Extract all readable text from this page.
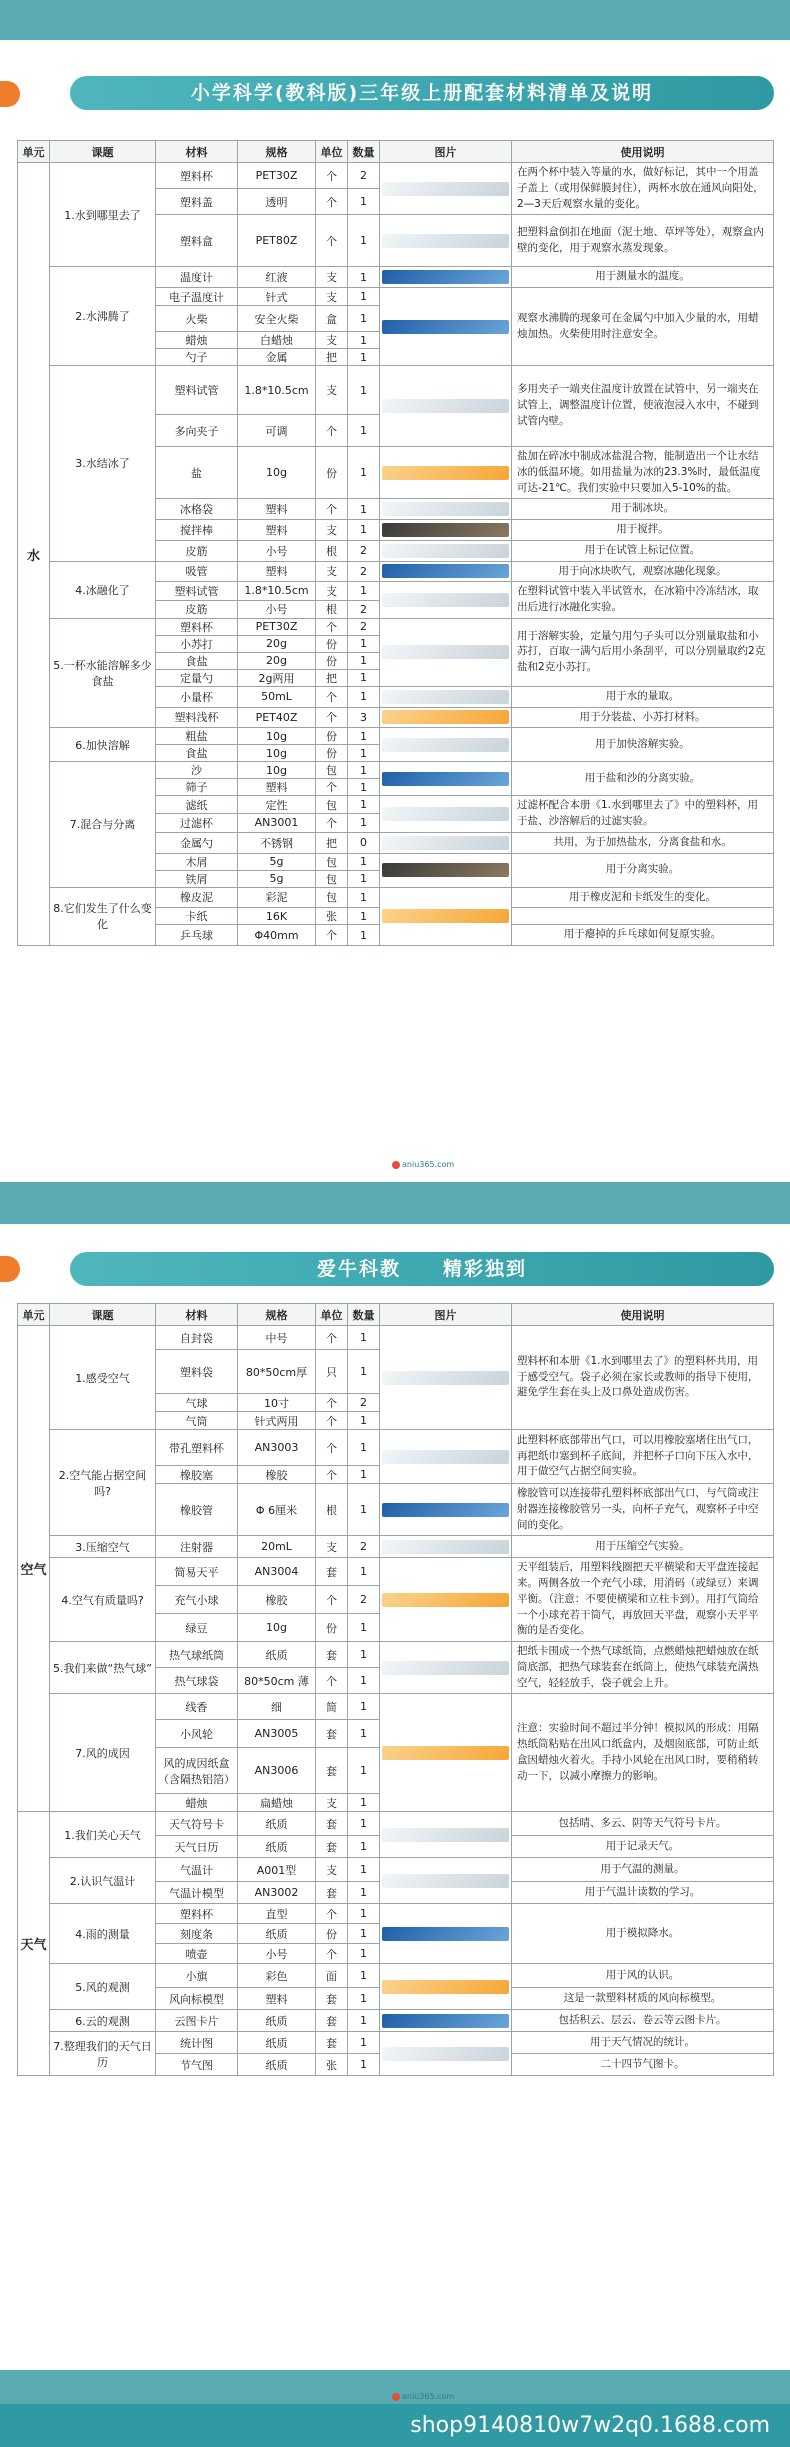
小学科学(教科版)三年级上册配套材料清单及说明
单元	课题	材料	规格	单位	数量	图片	使用说明
水	1.水到哪里去了	塑料杯	PET30Z	个	2		在两个杯中装入等量的水，做好标记，其中一个用盖子盖上（或用保鲜膜封住），两杯水放在通风向阳处，2—3天后观察水量的变化。
		塑料盖	透明	个	1		
		塑料盒	PET80Z	个	1		把塑料盒倒扣在地面（泥土地、草坪等处），观察盒内壁的变化，用于观察水蒸发现象。
	2.水沸腾了	温度计	红液	支	1		用于测量水的温度。
		电子温度计	针式	支	1		观察水沸腾的现象可在金属勺中加入少量的水，用蜡烛加热。火柴使用时注意安全。
		火柴	安全火柴	盒	1		
		蜡烛	白蜡烛	支	1		
		勺子	金属	把	1		
	3.水结冰了	塑料试管	1.8*10.5cm	支	1		多用夹子一端夹住温度计放置在试管中，另一端夹在试管上，调整温度计位置，使液泡浸入水中，不碰到试管内壁。
		多向夹子	可调	个	1		
		盐	10g	份	1		盐加在碎冰中制成冰盐混合物，能制造出一个让水结冰的低温环境。如用盐量为冰的23.3%时，最低温度可达-21℃。我们实验中只要加入5-10%的盐。
		冰格袋	塑料	个	1		用于制冰块。
		搅拌棒	塑料	支	1		用于搅拌。
		皮筋	小号	根	2		用于在试管上标记位置。
	4.冰融化了	吸管	塑料	支	2		用于向冰块吹气，观察冰融化现象。
		塑料试管	1.8*10.5cm	支	1		在塑料试管中装入半试管水，在冰箱中冷冻结冰，取出后进行冰融化实验。
		皮筋	小号	根	2		
	5.一杯水能溶解多少食盐	塑料杯	PET30Z	个	2		用于溶解实验，定量勺用勺子头可以分别量取盐和小苏打，百取一满勺后用小条刮平，可以分别量取约2克盐和2克小苏打。
		小苏打	20g	份	1		
		食盐	20g	份	1		
		定量勺	2g两用	把	1		
		小量杯	50mL	个	1		用于水的量取。
		塑料浅杯	PET40Z	个	3		用于分装盐、小苏打材料。
	6.加快溶解	粗盐	10g	份	1		用于加快溶解实验。
		食盐	10g	份	1		
	7.混合与分离	沙	10g	包	1		用于盐和沙的分离实验。
		筛子	塑料	个	1		
		滤纸	定性	包	1		过滤杯配合本册《1.水到哪里去了》中的塑料杯，用于盐、沙溶解后的过滤实验。
		过滤杯	AN3001	个	1		
		金属勺	不锈钢	把	0		共用，为于加热盐水，分离食盐和水。
		木屑	5g	包	1		用于分离实验。
		铁屑	5g	包	1		
	8.它们发生了什么变化	橡皮泥	彩泥	包	1		用于橡皮泥和卡纸发生的变化。
		卡纸	16K	张	1		
		乒乓球	Φ40mm	个	1		用于瘪掉的乒乓球如何复原实验。
aniu365.com
爱牛科教　　精彩独到
单元	课题	材料	规格	单位	数量	图片	使用说明
空气	1.感受空气	自封袋	中号	个	1		塑料杯和本册《1.水到哪里去了》的塑料杯共用，用于感受空气。袋子必须在家长或教师的指导下使用，避免学生套在头上及口鼻处造成伤害。
		塑料袋	80*50cm厚	只	1		
		气球	10寸	个	2		
		气筒	针式两用	个	1		
	2.空气能占据空间吗?	带孔塑料杯	AN3003	个	1		此塑料杯底部带出气口，可以用橡胶塞堵住出气口，再把纸巾塞到杯子底间，并把杯子口向下压入水中，用于做空气占据空间实验。
		橡胶塞	橡胶	个	1		
		橡胶管	Φ 6厘米	根	1		橡胶管可以连接带孔塑料杯底部出气口，与气筒或注射器连接橡胶管另一头，向杯子充气，观察杯子中空间的变化。
	3.压缩空气	注射器	20mL	支	2		用于压缩空气实验。
	4.空气有质量吗?	简易天平	AN3004	套	1		天平组装后，用塑料线圈把天平横梁和天平盘连接起来。两侧各放一个充气小球，用消码（或绿豆）来调平衡。（注意：不要使横梁和立柱卡到）。用打气筒给一个小球充若干筒气，再放回天平盘，观察小天平平衡的是否变化。
		充气小球	橡胶	个	2		
		绿豆	10g	份	1		
	5.我们来做“热气球”	热气球纸筒	纸质	套	1		把纸卡围成一个热气球纸筒，点燃蜡烛把蜡烛放在纸筒底部，把热气球装套在纸筒上，使热气球装充满热空气，轻轻放手，袋子就会上升。
		热气球袋	80*50cm 薄	个	1		
	7.风的成因	线香	细	简	1		注意：实验时间不超过半分钟！模拟风的形成：用隔热纸筒粘贴在出风口纸盒内，及烟囱底部，可防止纸盒因蜡烛火着火。手持小风轮在出风口时，要稍稍转动一下，以减小摩擦力的影响。
		小风轮	AN3005	套	1		
		风的成因纸盒（含隔热铝箔）	AN3006	套	1		
		蜡烛	扁蜡烛	支	1		
天气	1.我们关心天气	天气符号卡	纸质	套	1		包括晴、多云、阴等天气符号卡片。
		天气日历	纸质	套	1		用于记录天气。
	2.认识气温计	气温计	A001型	支	1		用于气温的测量。
		气温计模型	AN3002	套	1		用于气温计读数的学习。
	4.雨的测量	塑料杯	直型	个	1		用于模拟降水。
		刻度条	纸质	份	1		
		喷壶	小号	个	1		
	5.风的观测	小旗	彩色	面	1		用于风的认识。
		风向标模型	塑料	套	1		这是一款塑料材质的风向标模型。
	6.云的观测	云图卡片	纸质	套	1		包括积云、层云、卷云等云图卡片。
	7.整理我们的天气日历	统计图	纸质	套	1		用于天气情况的统计。
		节气图	纸质	张	1		二十四节气图卡。
aniu365.com
shop9140810w7w2q0.1688.com
